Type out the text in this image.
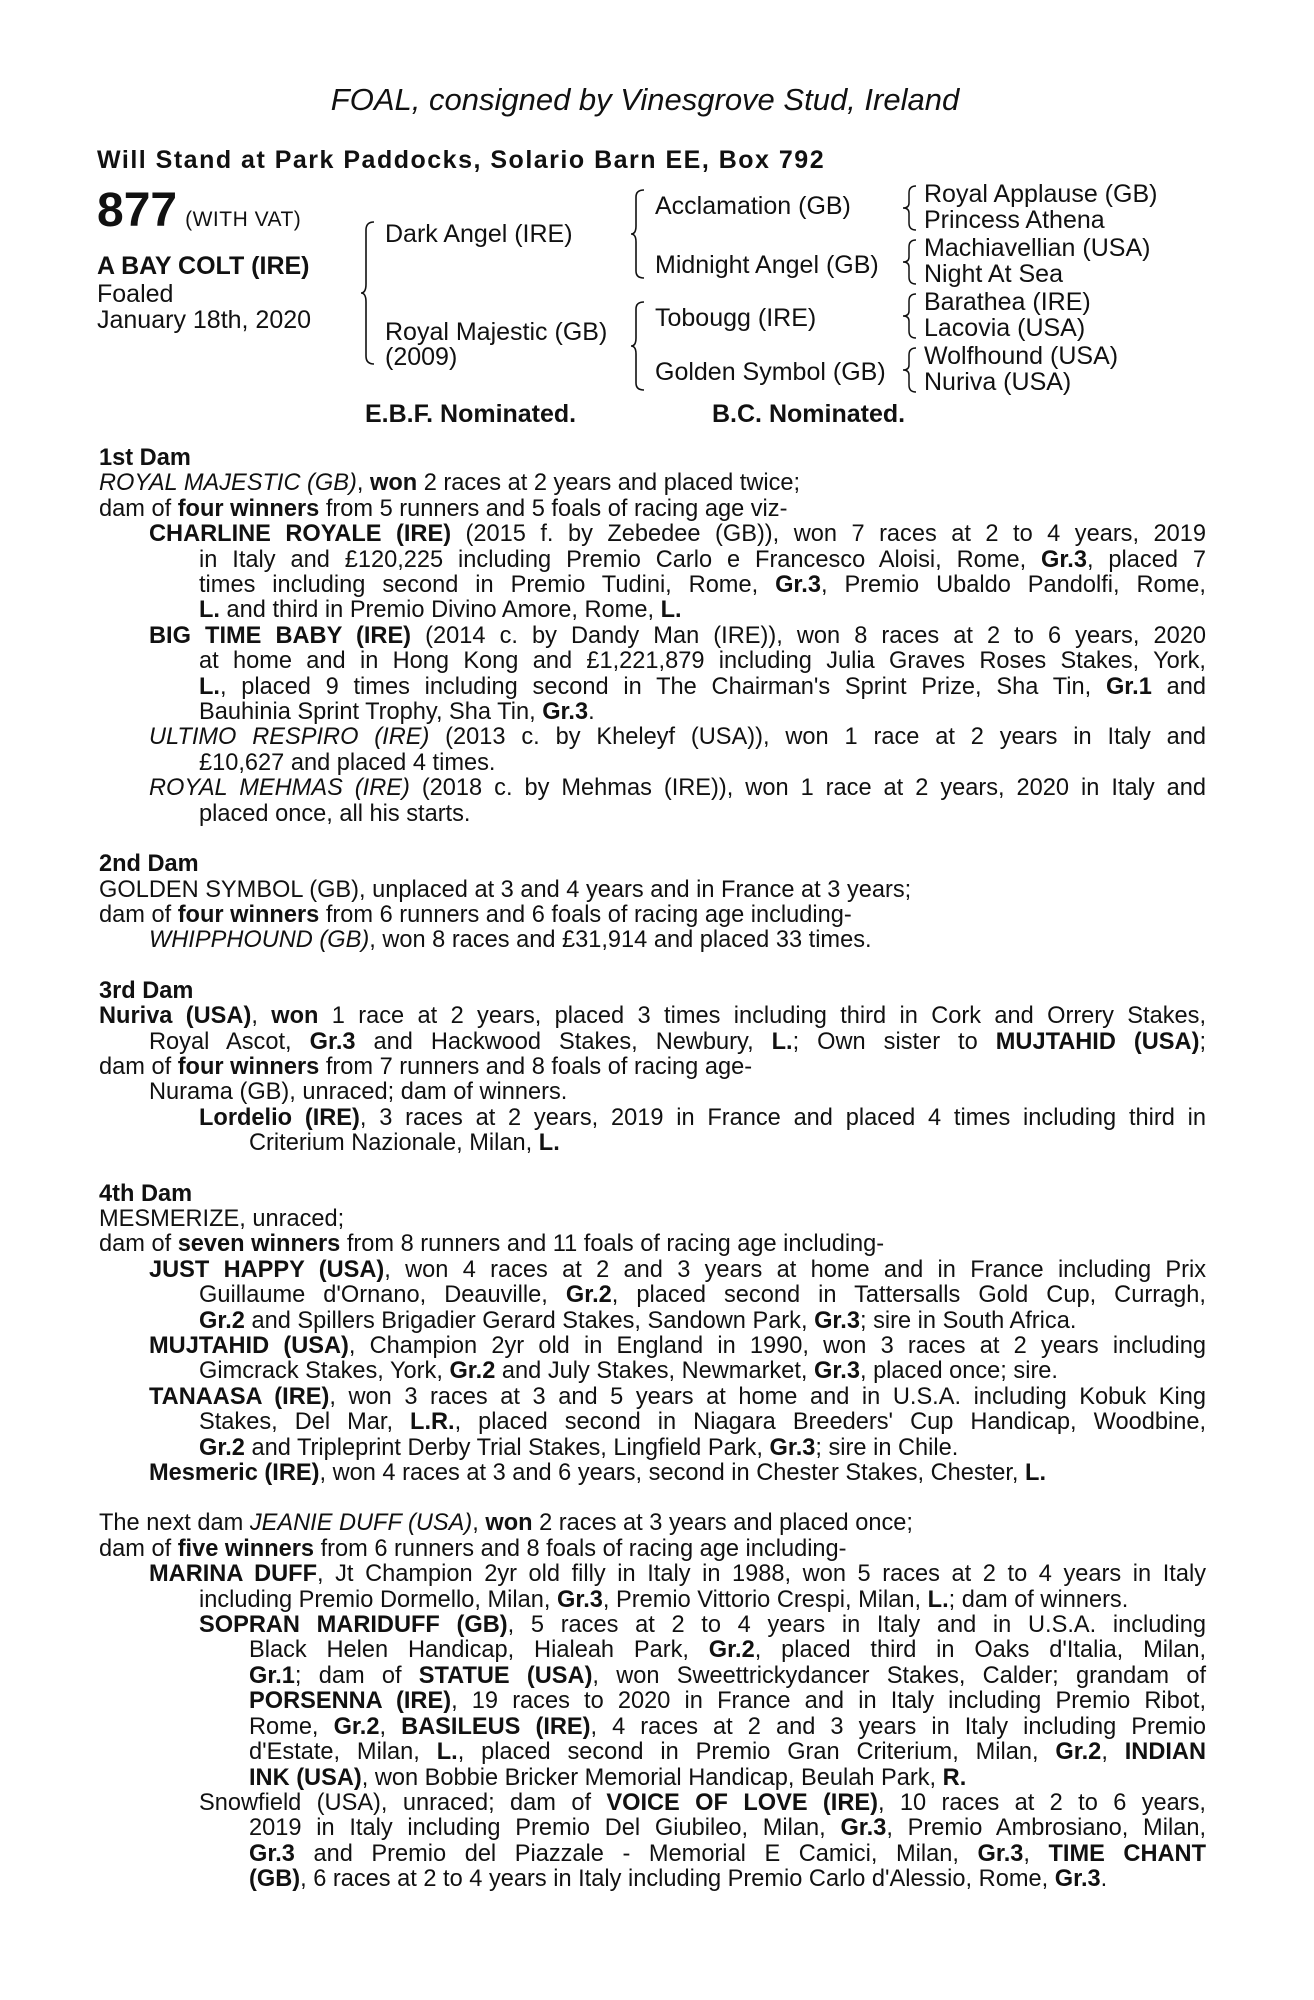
FOAL, consigned by Vinesgrove Stud, Ireland
Will Stand at Park Paddocks, Solario Barn EE, Box 792
877 (WITH VAT)
A BAY COLT (IRE)
Foaled
January 18th, 2020
Dark Angel (IRE)
Royal Majestic (GB)
(2009)
Acclamation (GB)
Midnight Angel (GB)
Tobougg (IRE)
Golden Symbol (GB)
Royal Applause (GB)
Princess Athena
Machiavellian (USA)
Night At Sea
Barathea (IRE)
Lacovia (USA)
Wolfhound (USA)
Nuriva (USA)
E.B.F. Nominated.	B.C. Nominated.
1st Dam
ROYAL MAJESTIC (GB), won 2 races at 2 years and placed twice;
dam of four winners from 5 runners and 5 foals of racing age viz-
CHARLINE ROYALE (IRE) (2015 f. by Zebedee (GB)), won 7 races at 2 to 4 years, 2019
in Italy and £120,225 including Premio Carlo e Francesco Aloisi, Rome, Gr.3, placed 7
times including second in Premio Tudini, Rome, Gr.3, Premio Ubaldo Pandolfi, Rome,
L. and third in Premio Divino Amore, Rome, L.
BIG TIME BABY (IRE) (2014 c. by Dandy Man (IRE)), won 8 races at 2 to 6 years, 2020
at home and in Hong Kong and £1,221,879 including Julia Graves Roses Stakes, York,
L., placed 9 times including second in The Chairman's Sprint Prize, Sha Tin, Gr.1 and
Bauhinia Sprint Trophy, Sha Tin, Gr.3.
ULTIMO RESPIRO (IRE) (2013 c. by Kheleyf (USA)), won 1 race at 2 years in Italy and
£10,627 and placed 4 times.
ROYAL MEHMAS (IRE) (2018 c. by Mehmas (IRE)), won 1 race at 2 years, 2020 in Italy and
placed once, all his starts.
2nd Dam
GOLDEN SYMBOL (GB), unplaced at 3 and 4 years and in France at 3 years;
dam of four winners from 6 runners and 6 foals of racing age including-
WHIPPHOUND (GB), won 8 races and £31,914 and placed 33 times.
3rd Dam
Nuriva (USA), won 1 race at 2 years, placed 3 times including third in Cork and Orrery Stakes,
Royal Ascot, Gr.3 and Hackwood Stakes, Newbury, L.; Own sister to MUJTAHID (USA);
dam of four winners from 7 runners and 8 foals of racing age-
Nurama (GB), unraced; dam of winners.
Lordelio (IRE), 3 races at 2 years, 2019 in France and placed 4 times including third in
Criterium Nazionale, Milan, L.
4th Dam
MESMERIZE, unraced;
dam of seven winners from 8 runners and 11 foals of racing age including-
JUST HAPPY (USA), won 4 races at 2 and 3 years at home and in France including Prix
Guillaume d'Ornano, Deauville, Gr.2, placed second in Tattersalls Gold Cup, Curragh,
Gr.2 and Spillers Brigadier Gerard Stakes, Sandown Park, Gr.3; sire in South Africa.
MUJTAHID (USA), Champion 2yr old in England in 1990, won 3 races at 2 years including
Gimcrack Stakes, York, Gr.2 and July Stakes, Newmarket, Gr.3, placed once; sire.
TANAASA (IRE), won 3 races at 3 and 5 years at home and in U.S.A. including Kobuk King
Stakes, Del Mar, L.R., placed second in Niagara Breeders' Cup Handicap, Woodbine,
Gr.2 and Tripleprint Derby Trial Stakes, Lingfield Park, Gr.3; sire in Chile.
Mesmeric (IRE), won 4 races at 3 and 6 years, second in Chester Stakes, Chester, L.
The next dam JEANIE DUFF (USA), won 2 races at 3 years and placed once;
dam of five winners from 6 runners and 8 foals of racing age including-
MARINA DUFF, Jt Champion 2yr old filly in Italy in 1988, won 5 races at 2 to 4 years in Italy
including Premio Dormello, Milan, Gr.3, Premio Vittorio Crespi, Milan, L.; dam of winners.
SOPRAN MARIDUFF (GB), 5 races at 2 to 4 years in Italy and in U.S.A. including
Black Helen Handicap, Hialeah Park, Gr.2, placed third in Oaks d'Italia, Milan,
Gr.1; dam of STATUE (USA), won Sweettrickydancer Stakes, Calder; grandam of
PORSENNA (IRE), 19 races to 2020 in France and in Italy including Premio Ribot,
Rome, Gr.2, BASILEUS (IRE), 4 races at 2 and 3 years in Italy including Premio
d'Estate, Milan, L., placed second in Premio Gran Criterium, Milan, Gr.2, INDIAN
INK (USA), won Bobbie Bricker Memorial Handicap, Beulah Park, R.
Snowfield (USA), unraced; dam of VOICE OF LOVE (IRE), 10 races at 2 to 6 years,
2019 in Italy including Premio Del Giubileo, Milan, Gr.3, Premio Ambrosiano, Milan,
Gr.3 and Premio del Piazzale - Memorial E Camici, Milan, Gr.3, TIME CHANT
(GB), 6 races at 2 to 4 years in Italy including Premio Carlo d'Alessio, Rome, Gr.3.
